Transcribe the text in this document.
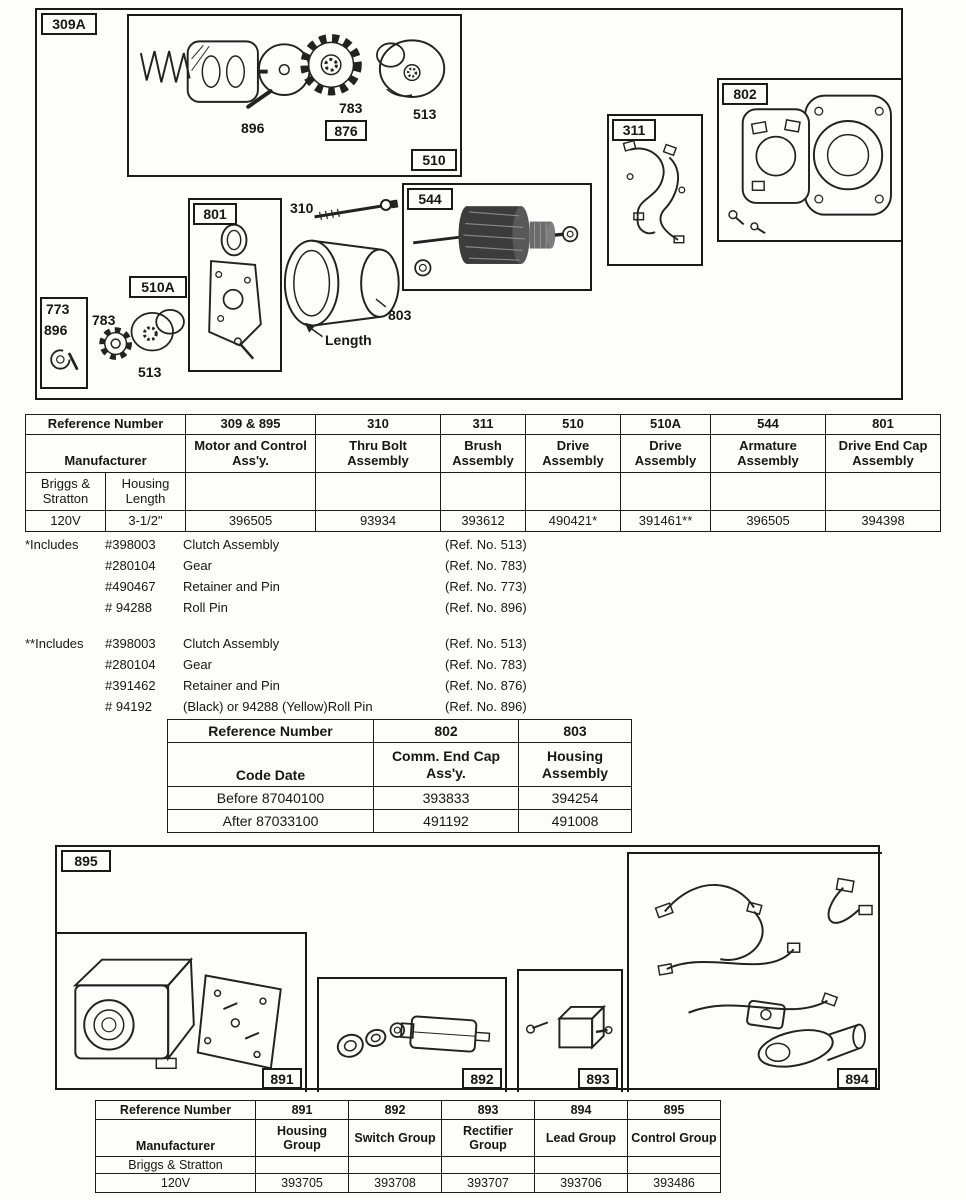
309A
896
783
876
513
510
801	310
544
311
802
510A
773
896
783
513
803
Length
Reference Number		309 & 895	310	311	510	510A	544	801
Manufacturer		Motor and Control Ass'y.	Thru Bolt Assembly	Brush Assembly	Drive Assembly	Drive Assembly	Armature Assembly	Drive End Cap Assembly
Briggs & Stratton	Housing Length							
120V	3-1/2"	396505	93934	393612	490421*	391461**	396505	394398
*Includes	#398003	Clutch Assembly	(Ref. No. 513)
#280104	Gear	(Ref. No. 783)
#490467	Retainer and Pin	(Ref. No. 773)
# 94288	Roll Pin	(Ref. No. 896)
**Includes	#398003	Clutch Assembly	(Ref. No. 513)
#280104	Gear	(Ref. No. 783)
#391462	Retainer and Pin	(Ref. No. 876)
# 94192	(Black) or 94288 (Yellow)Roll Pin	(Ref. No. 896)
Reference Number	802	803
Code Date	Comm. End Cap Ass'y.	Housing Assembly
Before 87040100	393833	394254
After 87033100	491192	491008
895
891	892	893	894
Reference Number	891	892	893	894	895
Manufacturer	Housing Group	Switch Group	Rectifier Group	Lead Group	Control Group
Briggs & Stratton					
120V	393705	393708	393707	393706	393486
